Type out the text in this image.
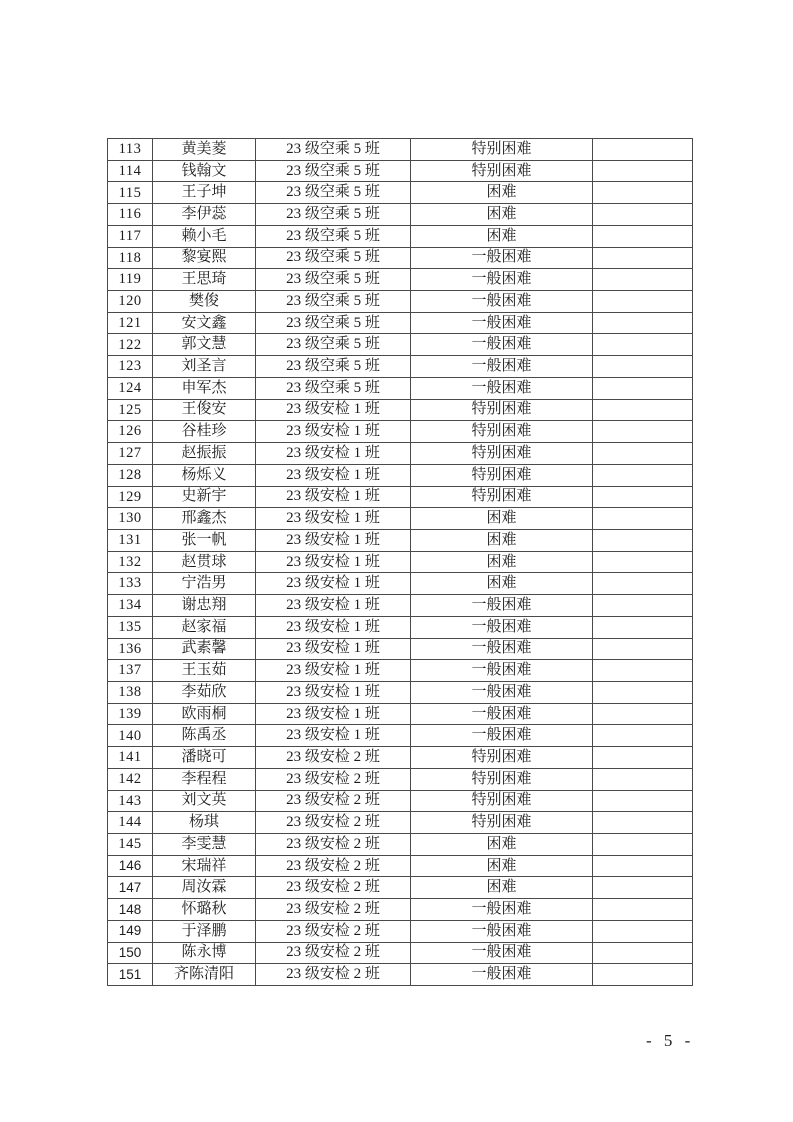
113	黄美菱	23 级空乘 5 班	特别困难	
114	钱翰文	23 级空乘 5 班	特别困难	
115	王子坤	23 级空乘 5 班	困难	
116	李伊蕊	23 级空乘 5 班	困难	
117	赖小毛	23 级空乘 5 班	困难	
118	黎宴熙	23 级空乘 5 班	一般困难	
119	王思琦	23 级空乘 5 班	一般困难	
120	樊俊	23 级空乘 5 班	一般困难	
121	安文鑫	23 级空乘 5 班	一般困难	
122	郭文慧	23 级空乘 5 班	一般困难	
123	刘圣言	23 级空乘 5 班	一般困难	
124	申军杰	23 级空乘 5 班	一般困难	
125	王俊安	23 级安检 1 班	特别困难	
126	谷桂珍	23 级安检 1 班	特别困难	
127	赵振振	23 级安检 1 班	特别困难	
128	杨烁义	23 级安检 1 班	特别困难	
129	史新宇	23 级安检 1 班	特别困难	
130	邢鑫杰	23 级安检 1 班	困难	
131	张一帆	23 级安检 1 班	困难	
132	赵贯球	23 级安检 1 班	困难	
133	宁浩男	23 级安检 1 班	困难	
134	谢忠翔	23 级安检 1 班	一般困难	
135	赵家福	23 级安检 1 班	一般困难	
136	武素馨	23 级安检 1 班	一般困难	
137	王玉茹	23 级安检 1 班	一般困难	
138	李茹欣	23 级安检 1 班	一般困难	
139	欧雨桐	23 级安检 1 班	一般困难	
140	陈禹丞	23 级安检 1 班	一般困难	
141	潘晓可	23 级安检 2 班	特别困难	
142	李程程	23 级安检 2 班	特别困难	
143	刘文英	23 级安检 2 班	特别困难	
144	杨琪	23 级安检 2 班	特别困难	
145	李雯慧	23 级安检 2 班	困难	
146	宋瑞祥	23 级安检 2 班	困难	
147	周汝霖	23 级安检 2 班	困难	
148	怀璐秋	23 级安检 2 班	一般困难	
149	于泽鹏	23 级安检 2 班	一般困难	
150	陈永博	23 级安检 2 班	一般困难	
151	齐陈清阳	23 级安检 2 班	一般困难	
- 5 -
